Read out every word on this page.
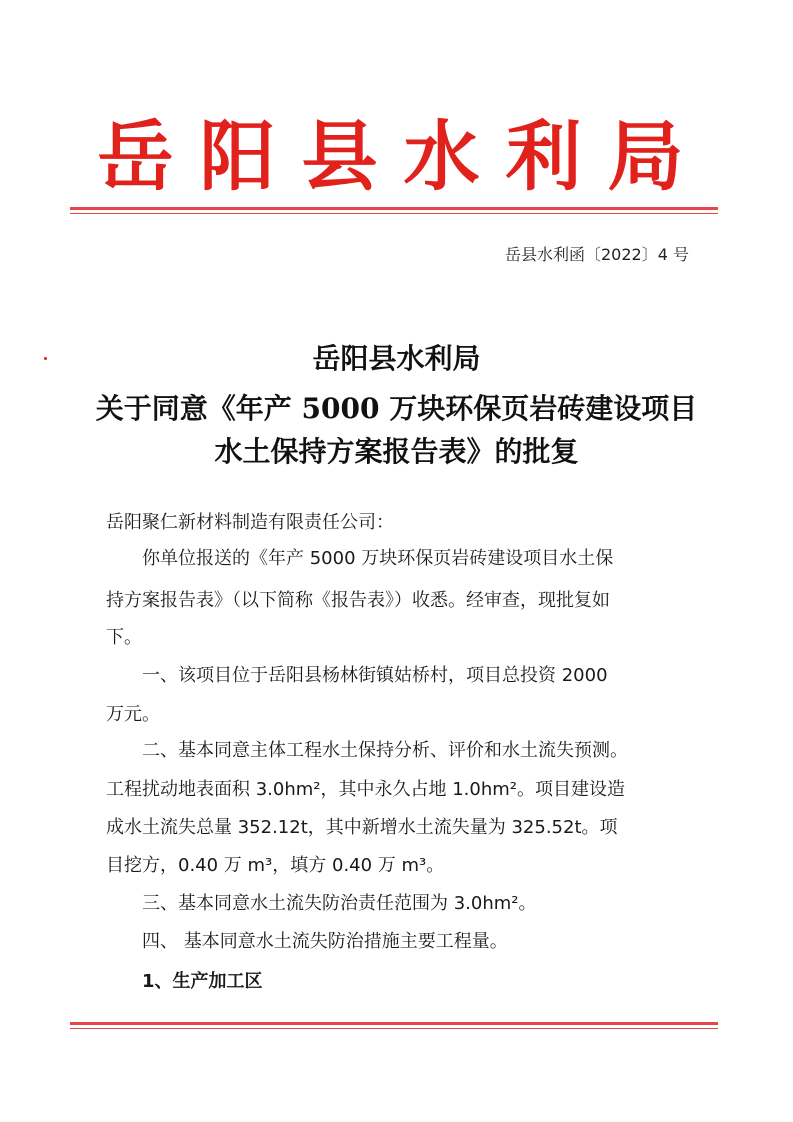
岳阳县水利局
岳县水利函〔2022〕4 号
岳阳县水利局
关于同意《年产 5000 万块环保页岩砖建设项目
水土保持方案报告表》的批复
岳阳聚仁新材料制造有限责任公司：
　　你单位报送的《年产 5000 万块环保页岩砖建设项目水土保
持方案报告表》（以下简称《报告表》）收悉。经审查，现批复如
下。
　　一、该项目位于岳阳县杨林街镇姑桥村，项目总投资 2000
万元。
　　二、基本同意主体工程水土保持分析、评价和水土流失预测。
工程扰动地表面积 3.0hm²，其中永久占地 1.0hm²。项目建设造
成水土流失总量 352.12t，其中新增水土流失量为 325.52t。项
目挖方，0.40 万 m³，填方 0.40 万 m³。
　　三、基本同意水土流失防治责任范围为 3.0hm²。
　　四、 基本同意水土流失防治措施主要工程量。
　　1、生产加工区
